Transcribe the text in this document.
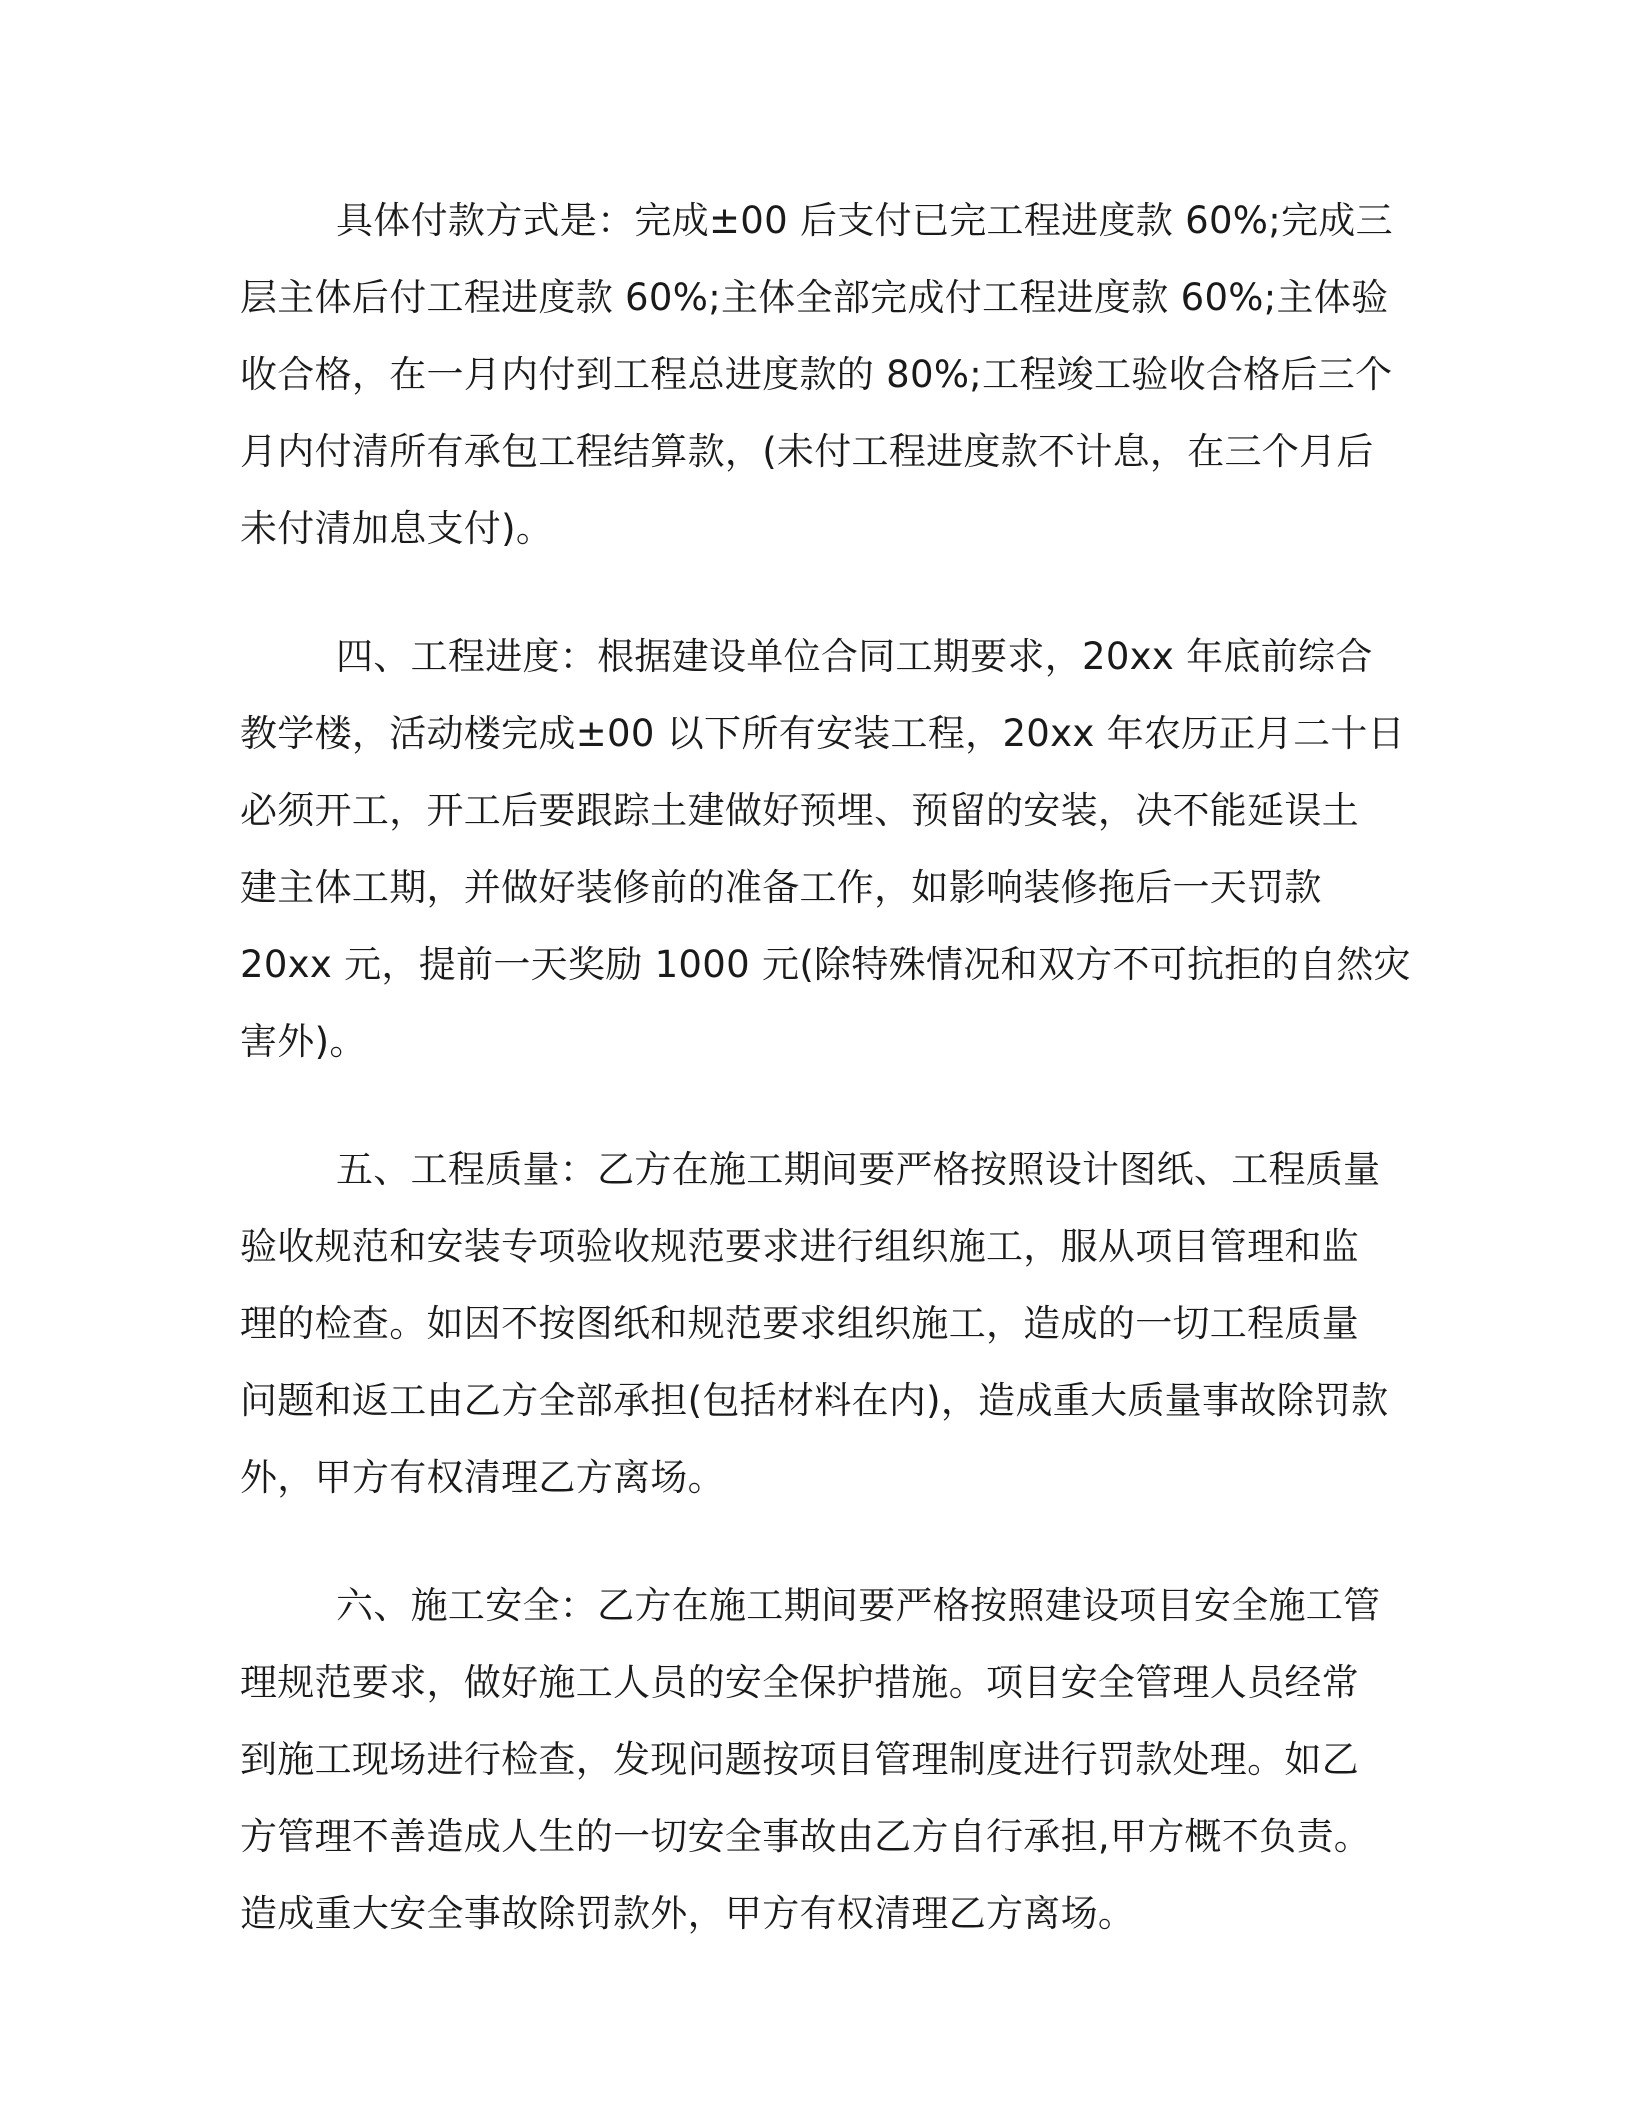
具体付款方式是：完成±00 后支付已完工程进度款 60%;完成三
层主体后付工程进度款 60%;主体全部完成付工程进度款 60%;主体验
收合格，在一月内付到工程总进度款的 80%;工程竣工验收合格后三个
月内付清所有承包工程结算款，(未付工程进度款不计息，在三个月后
未付清加息支付)。

四、工程进度：根据建设单位合同工期要求，20xx 年底前综合
教学楼，活动楼完成±00 以下所有安装工程，20xx 年农历正月二十日
必须开工，开工后要跟踪土建做好预埋、预留的安装，决不能延误土
建主体工期，并做好装修前的准备工作，如影响装修拖后一天罚款
20xx 元，提前一天奖励 1000 元(除特殊情况和双方不可抗拒的自然灾
害外)。

五、工程质量：乙方在施工期间要严格按照设计图纸、工程质量
验收规范和安装专项验收规范要求进行组织施工，服从项目管理和监
理的检查。如因不按图纸和规范要求组织施工，造成的一切工程质量
问题和返工由乙方全部承担(包括材料在内)，造成重大质量事故除罚款
外，甲方有权清理乙方离场。

六、施工安全：乙方在施工期间要严格按照建设项目安全施工管
理规范要求，做好施工人员的安全保护措施。项目安全管理人员经常
到施工现场进行检查，发现问题按项目管理制度进行罚款处理。如乙
方管理不善造成人生的一切安全事故由乙方自行承担,甲方概不负责。
造成重大安全事故除罚款外，甲方有权清理乙方离场。
